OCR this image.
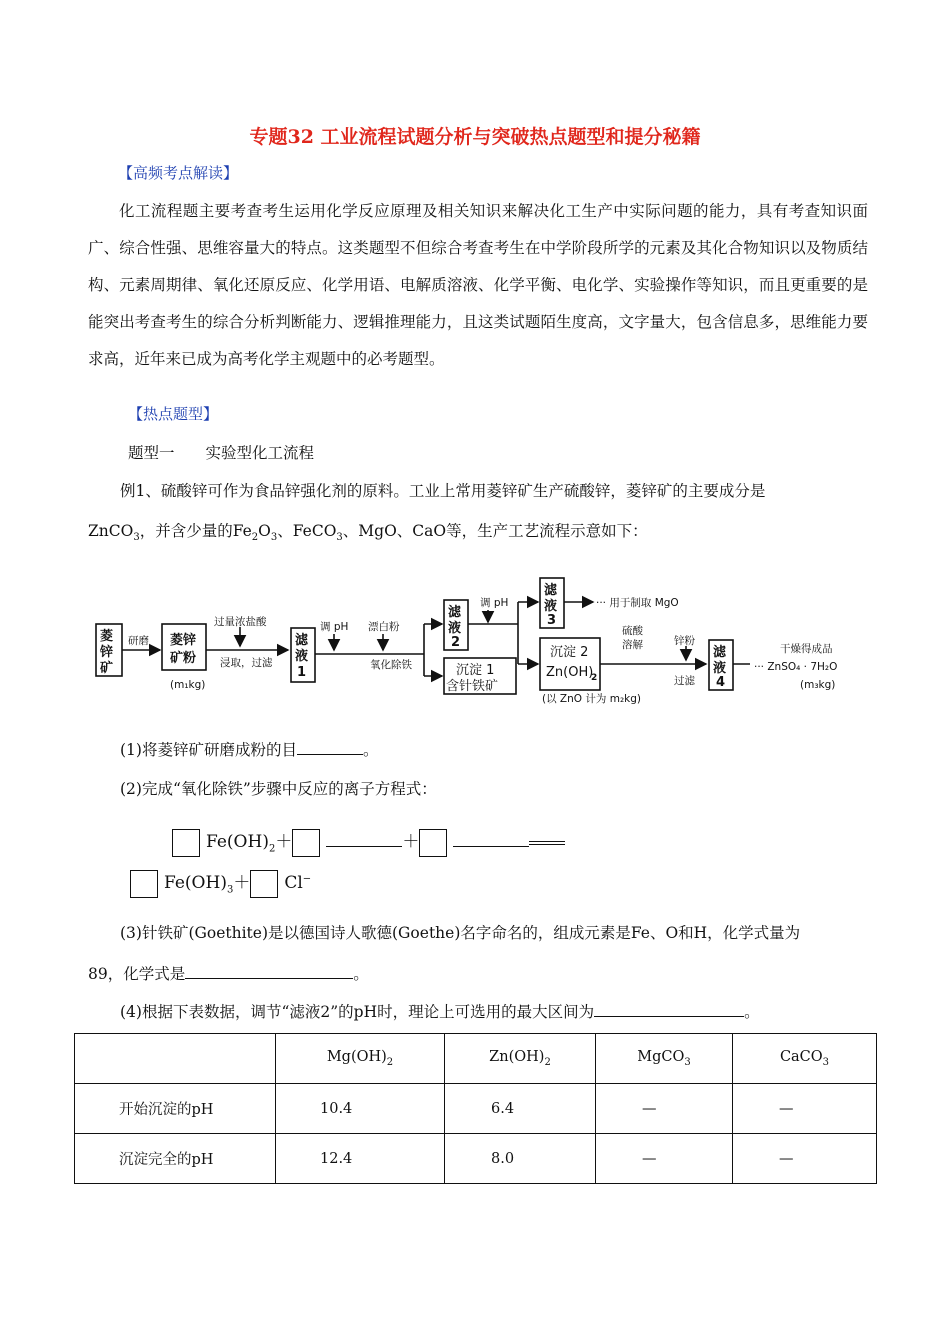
专题32 工业流程试题分析与突破热点题型和提分秘籍
【高频考点解读】
化工流程题主要考查考生运用化学反应原理及相关知识来解决化工生产中实际问题的能力，具有考查知识面广、综合性强、思维容量大的特点。这类题型不但综合考查考生在中学阶段所学的元素及其化合物知识以及物质结构、元素周期律、氧化还原反应、化学用语、电解质溶液、化学平衡、电化学、实验操作等知识，而且更重要的是能突出考查考生的综合分析判断能力、逻辑推理能力，且这类试题陌生度高，文字量大，包含信息多，思维能力要求高，近年来已成为高考化学主观题中的必考题型。
【热点题型】
题型一　　实验型化工流程
例1、硫酸锌可作为食品锌强化剂的原料。工业上常用菱锌矿生产硫酸锌，菱锌矿的主要成分是
ZnCO$_3$，并含少量的$Fe_2O_3$、FeCO$_3$、MgO、CaO等，生产工艺流程示意如下：
菱
锌
矿
菱锌
矿粉
滤
液
1
滤
液
2
滤
液
3
滤
液
4
沉淀 1
含针铁矿
沉淀 2
Zn(OH)
2
研磨
(m₁kg)
过量浓盐酸
浸取，过滤
调 pH 漂白粉
氧化除铁
调 pH	··· 用于制取 MgO
硫酸
溶解	锌粉
过滤
(以 ZnO 计为 m₂kg)
干燥得成品
··· ZnSO₄ · 7H₂O
(m₃kg)
(1)将菱锌矿研磨成粉的目	。
(2)完成“氧化除铁”步骤中反应的离子方程式：
$Fe(OH)_2+$	＋
$Fe(OH)_3+ Cl^-$
(3)针铁矿(Goethite)是以德国诗人歌德(Goethe)名字命名的，组成元素是Fe、O和H，化学式量为
89，化学式是	。
(4)根据下表数据，调节“滤液2”的pH时，理论上可选用的最大区间为	。
	$Mg(OH)_2$	$Zn(OH)_2$	MgCO$_3$	CaCO$_3$
开始沉淀的pH	10.4	6.4	—	—
沉淀完全的pH	12.4	8.0	—	—
